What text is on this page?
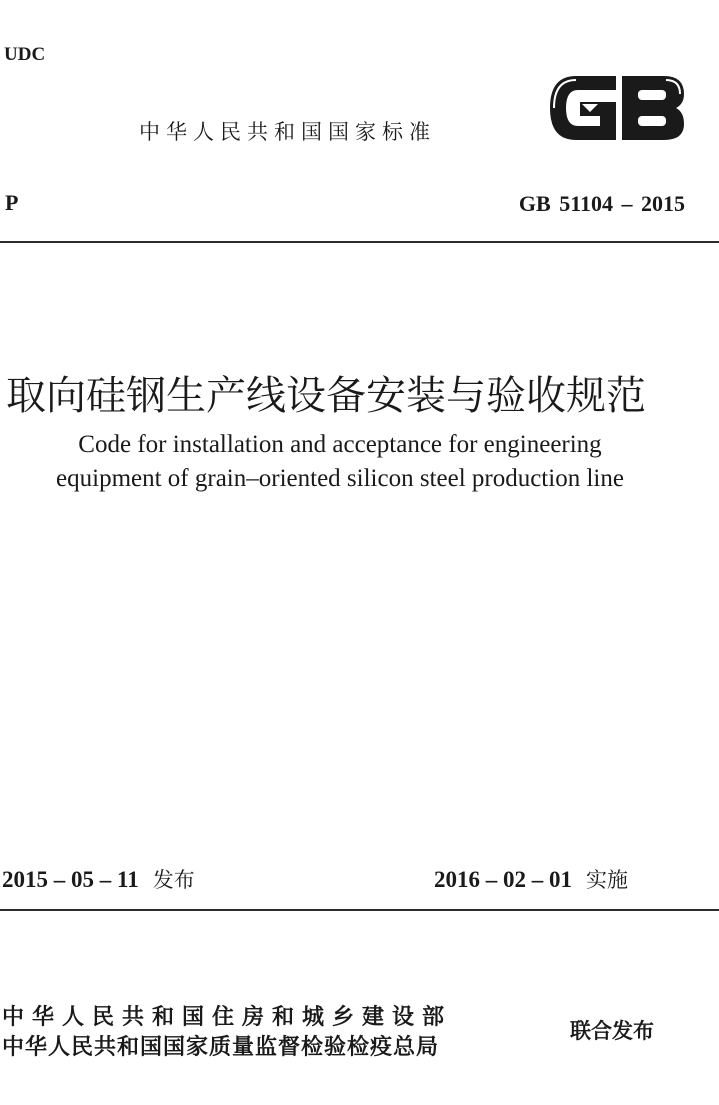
UDC
中华人民共和国国家标准
P	GB 51104 – 2015
取向硅钢生产线设备安装与验收规范
Code for installation and acceptance for engineering
equipment of grain–oriented silicon steel production line
2015 – 05 – 11 发布	2016 – 02 – 01 实施
中华人民共和国住房和城乡建设部
中华人民共和国国家质量监督检验检疫总局
联合发布
